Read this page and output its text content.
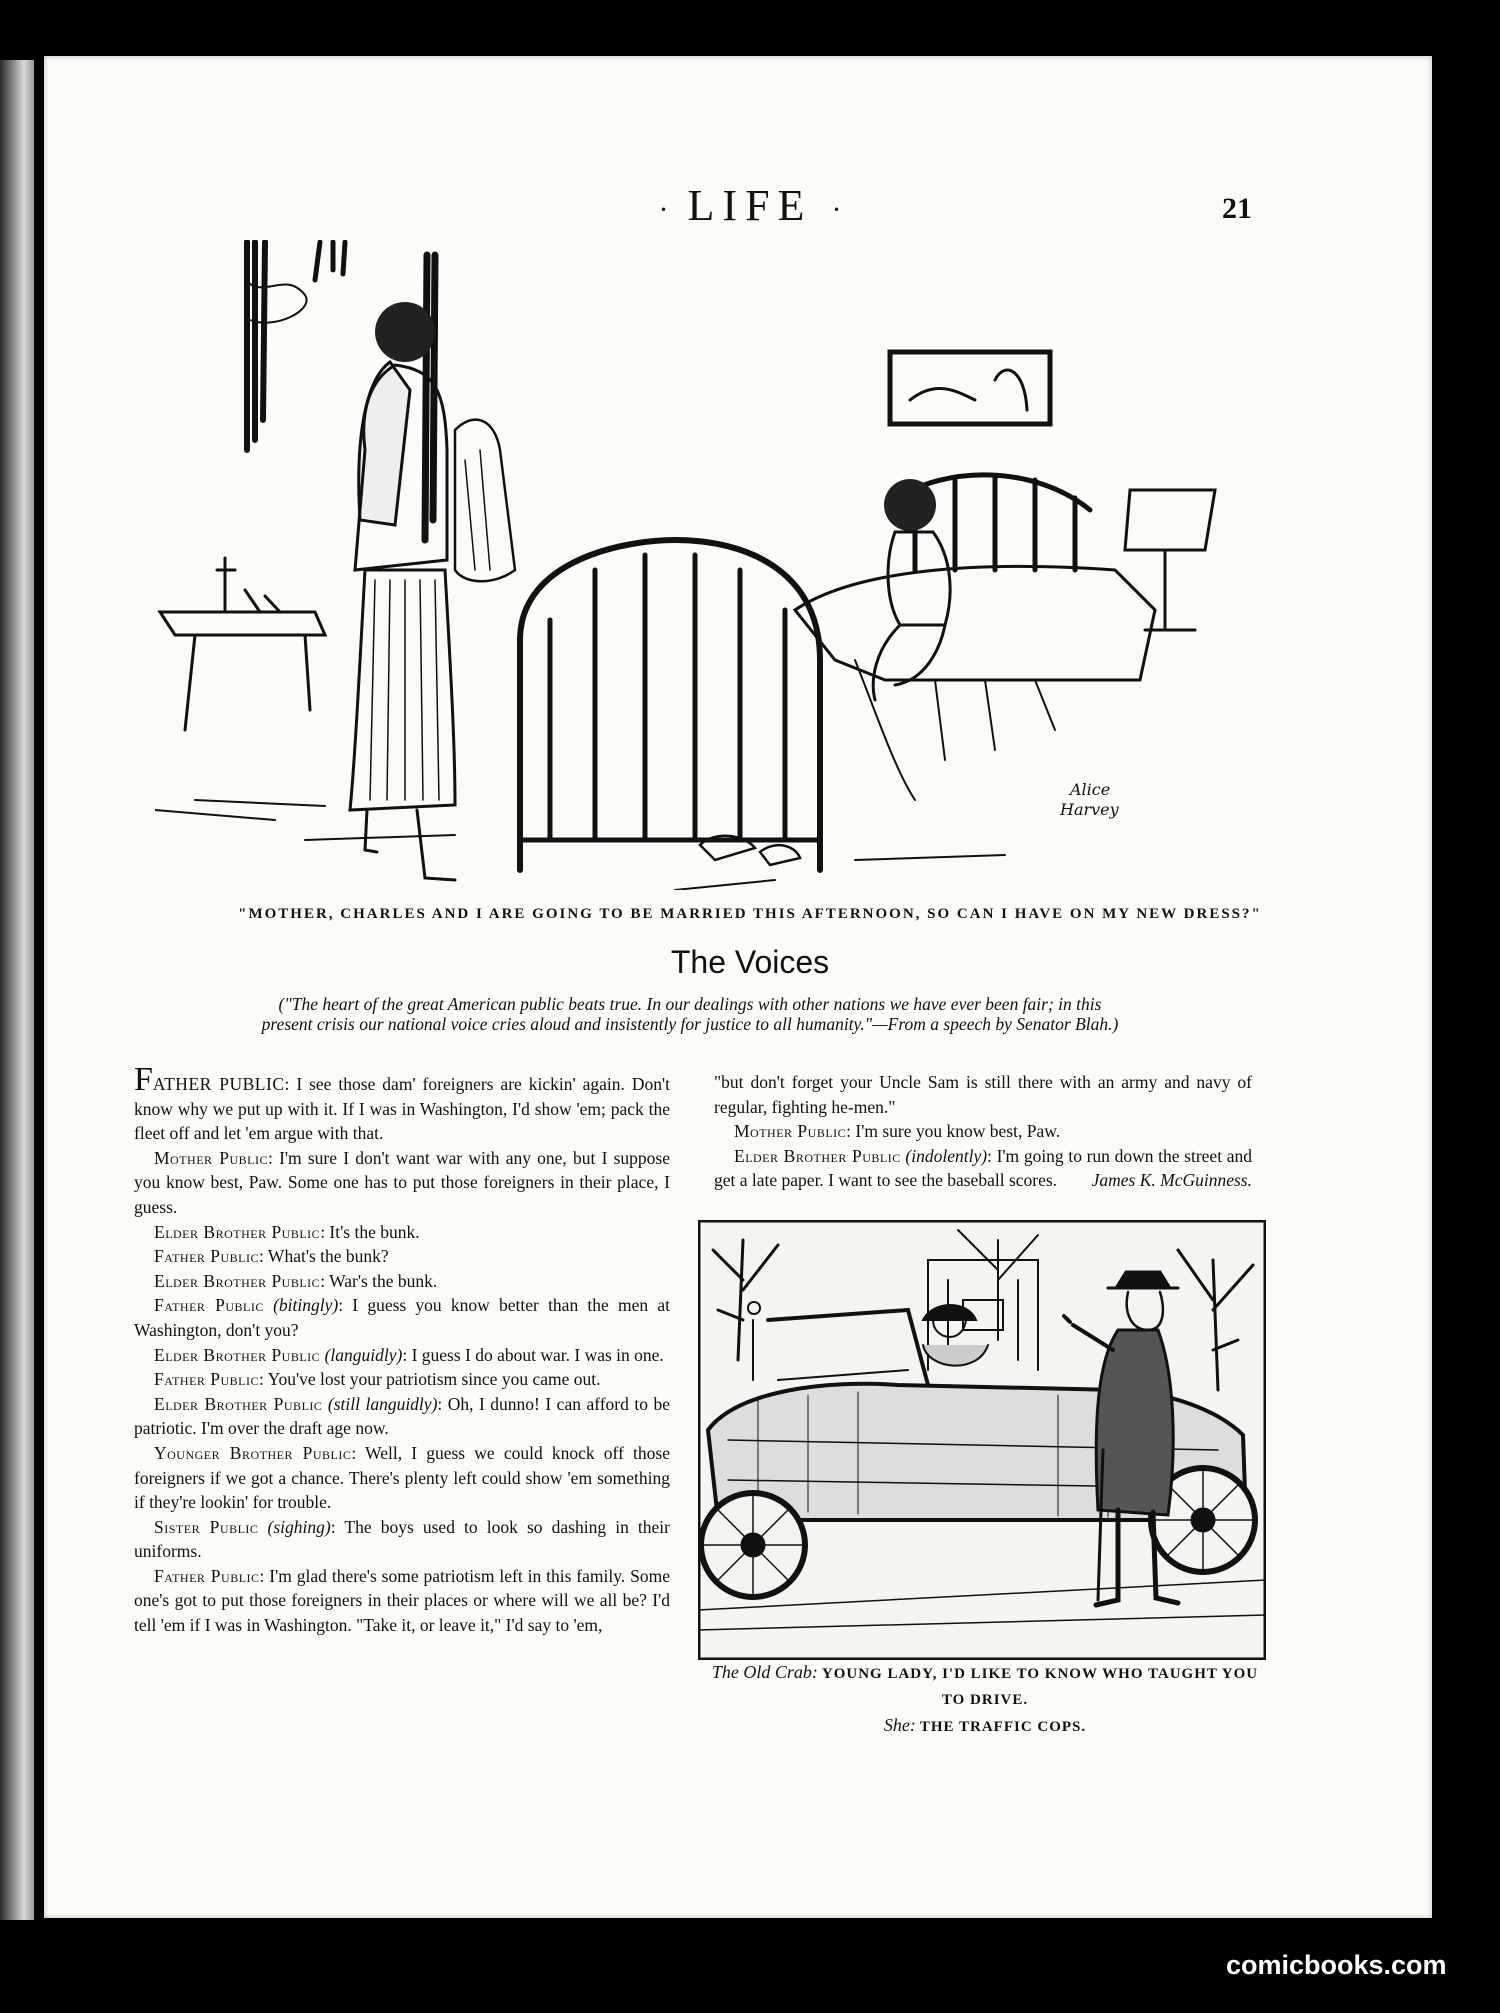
· LIFE ·	21
Alice
Harvey
"MOTHER, CHARLES AND I ARE GOING TO BE MARRIED THIS AFTERNOON, SO CAN I HAVE ON MY NEW DRESS?"
The Voices
("The heart of the great American public beats true. In our dealings with other nations we have ever been fair; in this present crisis our national voice cries aloud and insistently for justice to all humanity."—From a speech by Senator Blah.)

FATHER PUBLIC: I see those dam' foreigners are kickin' again. Don't know why we put up with it. If I was in Washington, I'd show 'em; pack the fleet off and let 'em argue with that.

Mother Public: I'm sure I don't want war with any one, but I suppose you know best, Paw. Some one has to put those foreigners in their place, I guess.

Elder Brother Public: It's the bunk.

Father Public: What's the bunk?

Elder Brother Public: War's the bunk.

Father Public (bitingly): I guess you know better than the men at Washington, don't you?

Elder Brother Public (languidly): I guess I do about war. I was in one.

Father Public: You've lost your patriotism since you came out.

Elder Brother Public (still languidly): Oh, I dunno! I can afford to be patriotic. I'm over the draft age now.

Younger Brother Public: Well, I guess we could knock off those foreigners if we got a chance. There's plenty left could show 'em something if they're lookin' for trouble.

Sister Public (sighing): The boys used to look so dashing in their uniforms.

Father Public: I'm glad there's some patriotism left in this family. Some one's got to put those foreigners in their places or where will we all be? I'd tell 'em if I was in Washington. "Take it, or leave it," I'd say to 'em,

"but don't forget your Uncle Sam is still there with an army and navy of regular, fighting he-men."

Mother Public: I'm sure you know best, Paw.

Elder Brother Public (indolently): I'm going to run down the street and get a late paper. I want to see the baseball scores.	James K. McGuinness.

The Old Crab: YOUNG LADY, I'D LIKE TO KNOW WHO TAUGHT YOU TO DRIVE.
She: THE TRAFFIC COPS.
comicbooks.com
